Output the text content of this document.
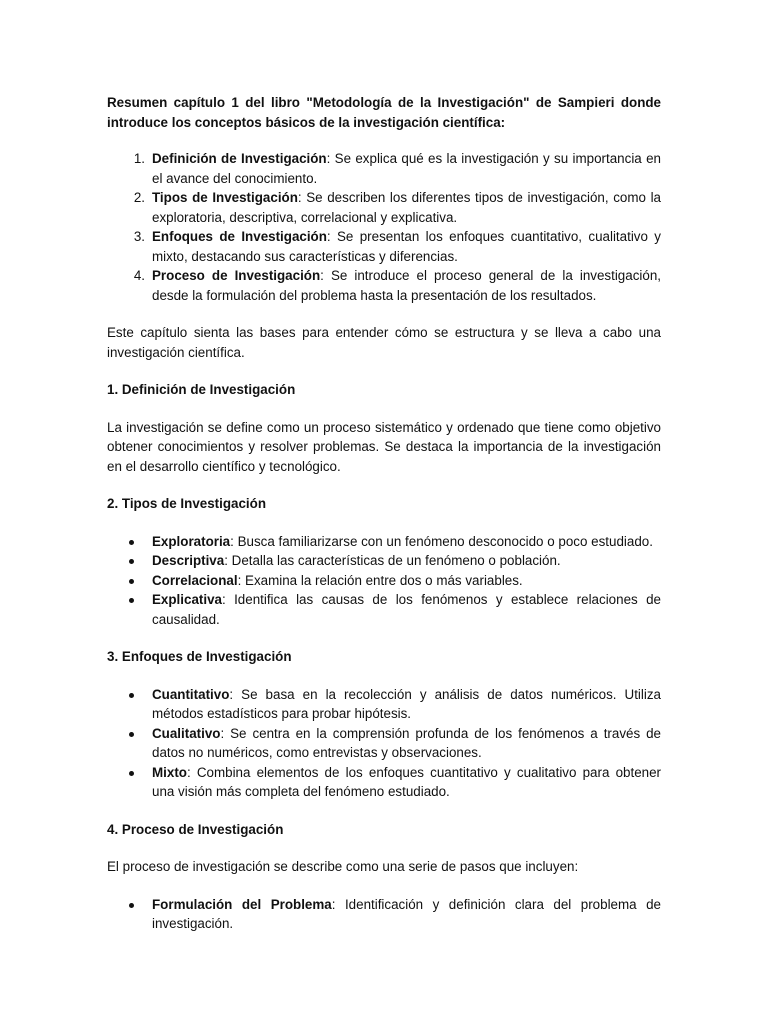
Resumen capítulo 1 del libro "Metodología de la Investigación" de Sampieri donde introduce los conceptos básicos de la investigación científica:

1. Definición de Investigación: Se explica qué es la investigación y su importancia en el avance del conocimiento.
2. Tipos de Investigación: Se describen los diferentes tipos de investigación, como la exploratoria, descriptiva, correlacional y explicativa.
3. Enfoques de Investigación: Se presentan los enfoques cuantitativo, cualitativo y mixto, destacando sus características y diferencias.
4. Proceso de Investigación: Se introduce el proceso general de la investigación, desde la formulación del problema hasta la presentación de los resultados.

Este capítulo sienta las bases para entender cómo se estructura y se lleva a cabo una investigación científica.

1. Definición de Investigación

La investigación se define como un proceso sistemático y ordenado que tiene como objetivo obtener conocimientos y resolver problemas. Se destaca la importancia de la investigación en el desarrollo científico y tecnológico.

2. Tipos de Investigación

Exploratoria: Busca familiarizarse con un fenómeno desconocido o poco estudiado.
Descriptiva: Detalla las características de un fenómeno o población.
Correlacional: Examina la relación entre dos o más variables.
Explicativa: Identifica las causas de los fenómenos y establece relaciones de causalidad.

3. Enfoques de Investigación

Cuantitativo: Se basa en la recolección y análisis de datos numéricos. Utiliza métodos estadísticos para probar hipótesis.
Cualitativo: Se centra en la comprensión profunda de los fenómenos a través de datos no numéricos, como entrevistas y observaciones.
Mixto: Combina elementos de los enfoques cuantitativo y cualitativo para obtener una visión más completa del fenómeno estudiado.

4. Proceso de Investigación

El proceso de investigación se describe como una serie de pasos que incluyen:

Formulación del Problema: Identificación y definición clara del problema de investigación.
